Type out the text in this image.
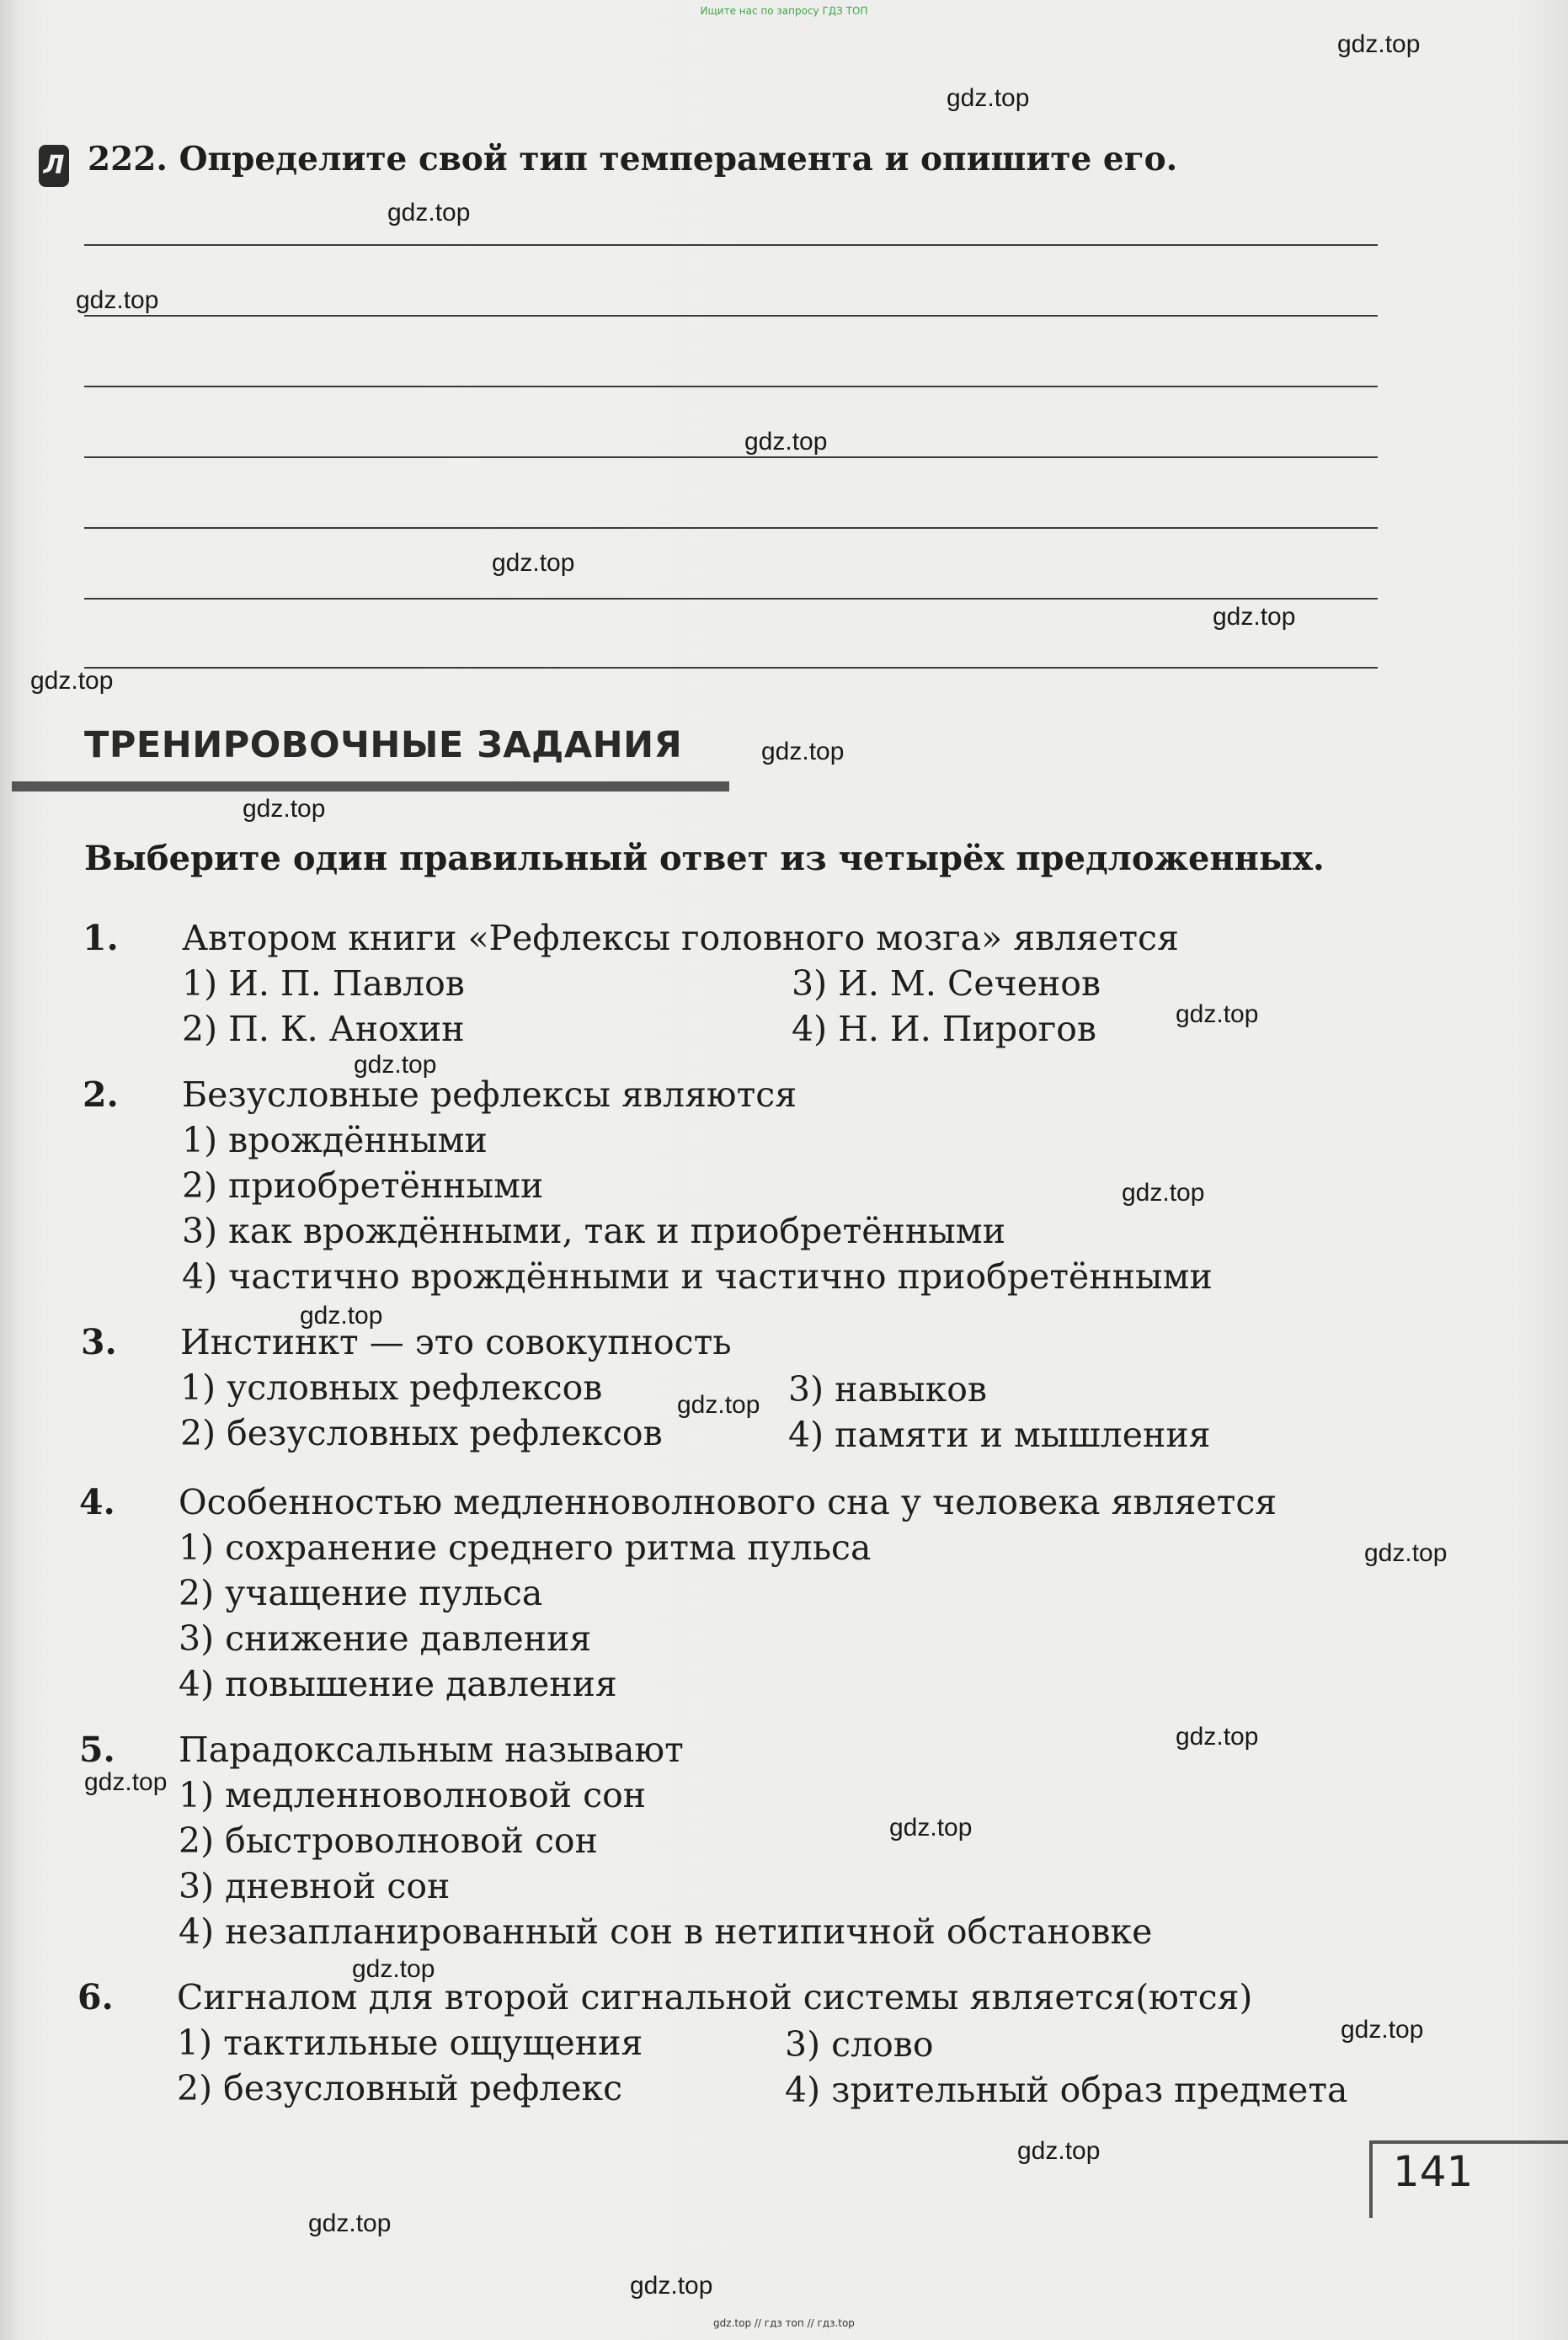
Ищите нас по запросу ГДЗ ТОП
Л 222. Определите свой тип темперамента и опишите его.
ТРЕНИРОВОЧНЫЕ ЗАДАНИЯ
Выберите один правильный ответ из четырёх предложенных.
1. Автором книги «Рефлексы головного мозга» является
1) И. П. Павлов
2) П. К. Анохин
3) И. М. Сеченов
4) Н. И. Пирогов
2. Безусловные рефлексы являются
1) врождёнными
2) приобретёнными
3) как врождёнными, так и приобретёнными
4) частично врождёнными и частично приобретёнными
3. Инстинкт — это совокупность
1) условных рефлексов
2) безусловных рефлексов
3) навыков
4) памяти и мышления
4. Особенностью медленноволнового сна у человека является
1) сохранение среднего ритма пульса
2) учащение пульса
3) снижение давления
4) повышение давления
5. Парадоксальным называют
1) медленноволновой сон
2) быстроволновой сон
3) дневной сон
4) незапланированный сон в нетипичной обстановке
6. Сигналом для второй сигнальной системы является(ются)
1) тактильные ощущения
2) безусловный рефлекс
3) слово
4) зрительный образ предмета
141
gdz.top
gdz.top
gdz.top
gdz.top
gdz.top
gdz.top
gdz.top
gdz.top
gdz.top
gdz.top
gdz.top
gdz.top
gdz.top
gdz.top
gdz.top
gdz.top
gdz.top
gdz.top
gdz.top
gdz.top
gdz.top
gdz.top
gdz.top
gdz.top
gdz.top // гдз топ // гдз.top
